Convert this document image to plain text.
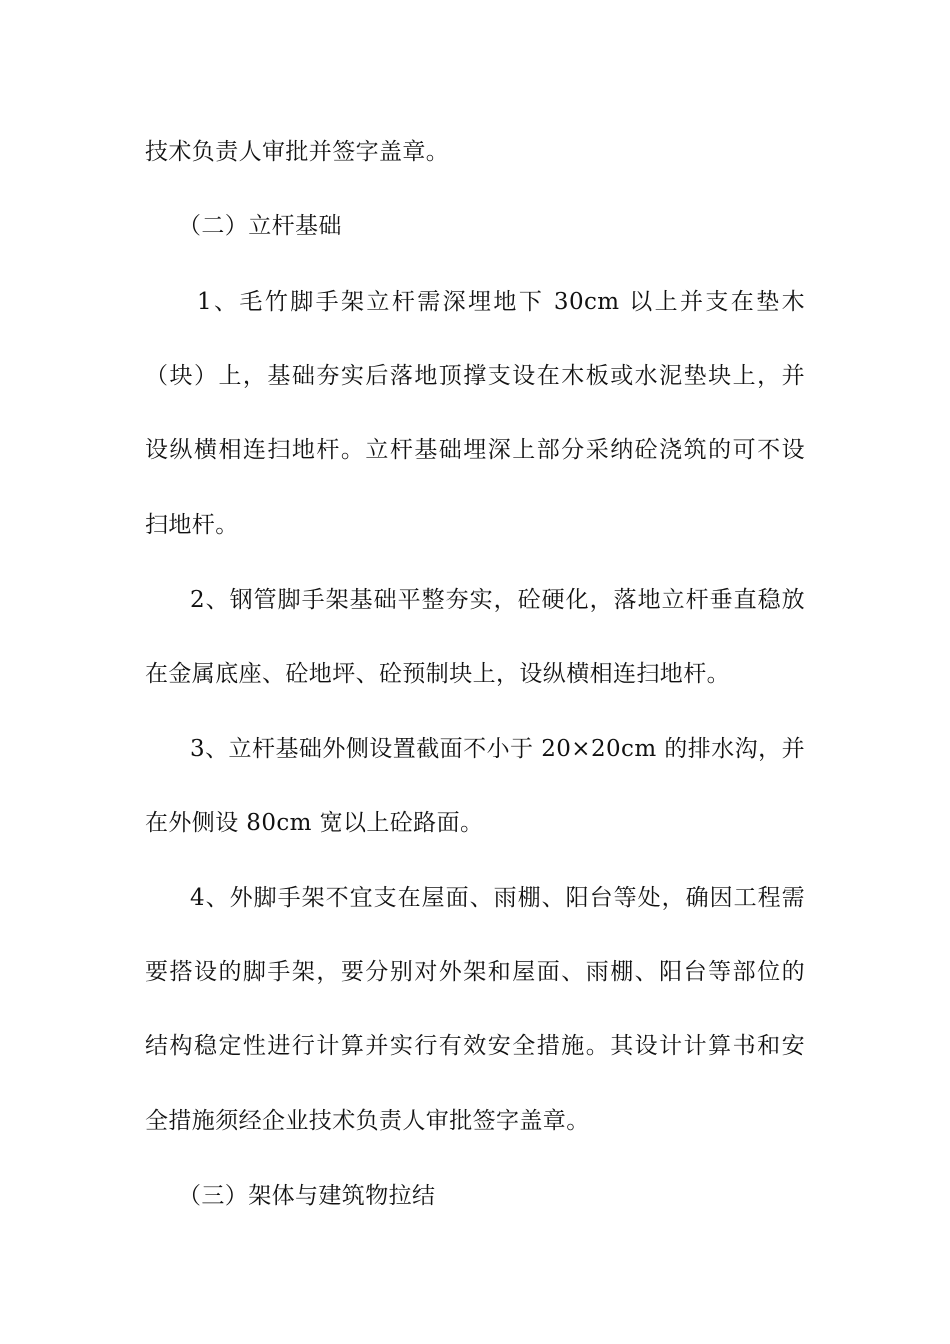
技术负责人审批并签字盖章。
（二）立杆基础
1、毛竹脚手架立杆需深埋地下 30cm 以上并支在垫木
（块）上，基础夯实后落地顶撑支设在木板或水泥垫块上，并
设纵横相连扫地杆。立杆基础埋深上部分采纳砼浇筑的可不设
扫地杆。
2、钢管脚手架基础平整夯实，砼硬化，落地立杆垂直稳放
在金属底座、砼地坪、砼预制块上，设纵横相连扫地杆。
3、立杆基础外侧设置截面不小于 20×20cm 的排水沟，并
在外侧设 80cm 宽以上砼路面。
4、外脚手架不宜支在屋面、雨棚、阳台等处，确因工程需
要搭设的脚手架，要分别对外架和屋面、雨棚、阳台等部位的
结构稳定性进行计算并实行有效安全措施。其设计计算书和安
全措施须经企业技术负责人审批签字盖章。
（三）架体与建筑物拉结
